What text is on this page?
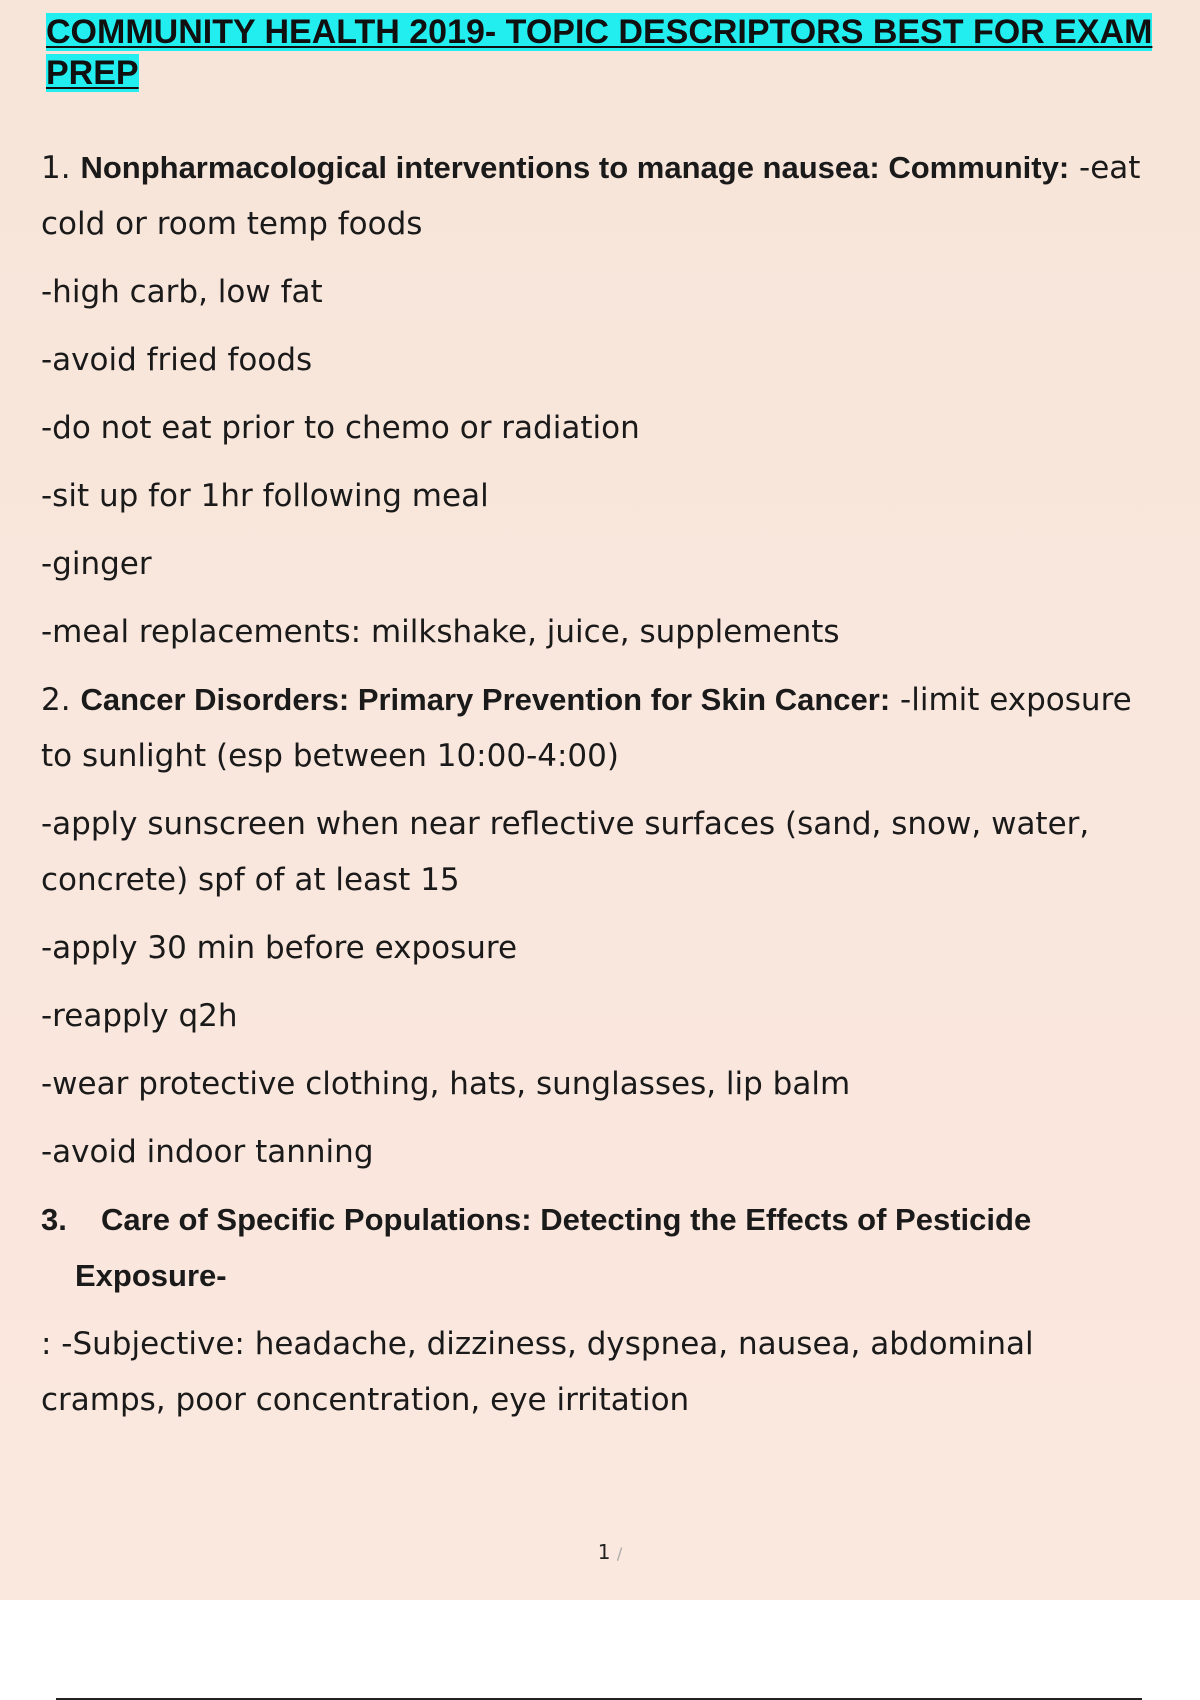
COMMUNITY HEALTH 2019- TOPIC DESCRIPTORS BEST FOR EXAM PREP

1. Nonpharmacological interventions to manage nausea: Community: -eat cold or room temp foods

-high carb, low fat

-avoid fried foods

-do not eat prior to chemo or radiation

-sit up for 1hr following meal

-ginger

-meal replacements: milkshake, juice, supplements

2. Cancer Disorders: Primary Prevention for Skin Cancer: -limit exposure to sunlight (esp between 10:00-4:00)

-apply sunscreen when near reflective surfaces (sand, snow, water, concrete) spf of at least 15

-apply 30 min before exposure

-reapply q2h

-wear protective clothing, hats, sunglasses, lip balm

-avoid indoor tanning

3. Care of Specific Populations: Detecting the Effects of Pesticide Exposure-

: -Subjective: headache, dizziness, dyspnea, nausea, abdominal cramps, poor concentration, eye irritation

1 /
